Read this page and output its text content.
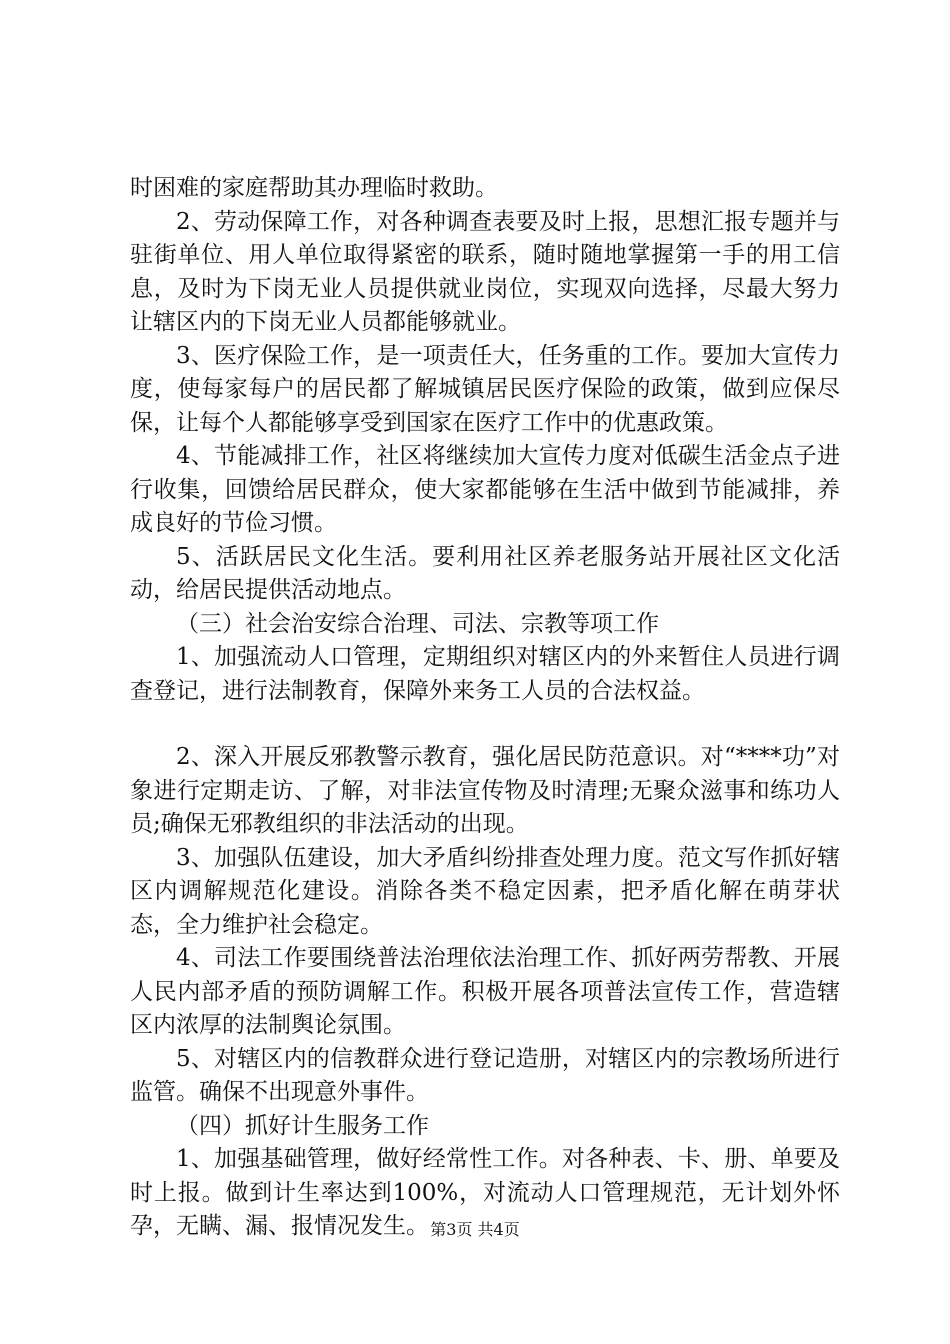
时困难的家庭帮助其办理临时救助。

2、劳动保障工作，对各种调查表要及时上报，思想汇报专题并与驻街单位、用人单位取得紧密的联系，随时随地掌握第一手的用工信息，及时为下岗无业人员提供就业岗位，实现双向选择，尽最大努力让辖区内的下岗无业人员都能够就业。

3、医疗保险工作，是一项责任大，任务重的工作。要加大宣传力度，使每家每户的居民都了解城镇居民医疗保险的政策，做到应保尽保，让每个人都能够享受到国家在医疗工作中的优惠政策。

4、节能减排工作，社区将继续加大宣传力度对低碳生活金点子进行收集，回馈给居民群众，使大家都能够在生活中做到节能减排，养成良好的节俭习惯。

5、活跃居民文化生活。要利用社区养老服务站开展社区文化活动，给居民提供活动地点。

（三）社会治安综合治理、司法、宗教等项工作

1、加强流动人口管理，定期组织对辖区内的外来暂住人员进行调查登记，进行法制教育，保障外来务工人员的合法权益。

2、深入开展反邪教警示教育，强化居民防范意识。对“****功”对象进行定期走访、了解，对非法宣传物及时清理;无聚众滋事和练功人员;确保无邪教组织的非法活动的出现。

3、加强队伍建设，加大矛盾纠纷排查处理力度。范文写作抓好辖区内调解规范化建设。消除各类不稳定因素，把矛盾化解在萌芽状态，全力维护社会稳定。

4、司法工作要围绕普法治理依法治理工作、抓好两劳帮教、开展人民内部矛盾的预防调解工作。积极开展各项普法宣传工作，营造辖区内浓厚的法制舆论氛围。

5、对辖区内的信教群众进行登记造册，对辖区内的宗教场所进行监管。确保不出现意外事件。

（四）抓好计生服务工作

1、加强基础管理，做好经常性工作。对各种表、卡、册、单要及时上报。做到计生率达到100%，对流动人口管理规范，无计划外怀孕，无瞒、漏、报情况发生。 第3页 共4页
